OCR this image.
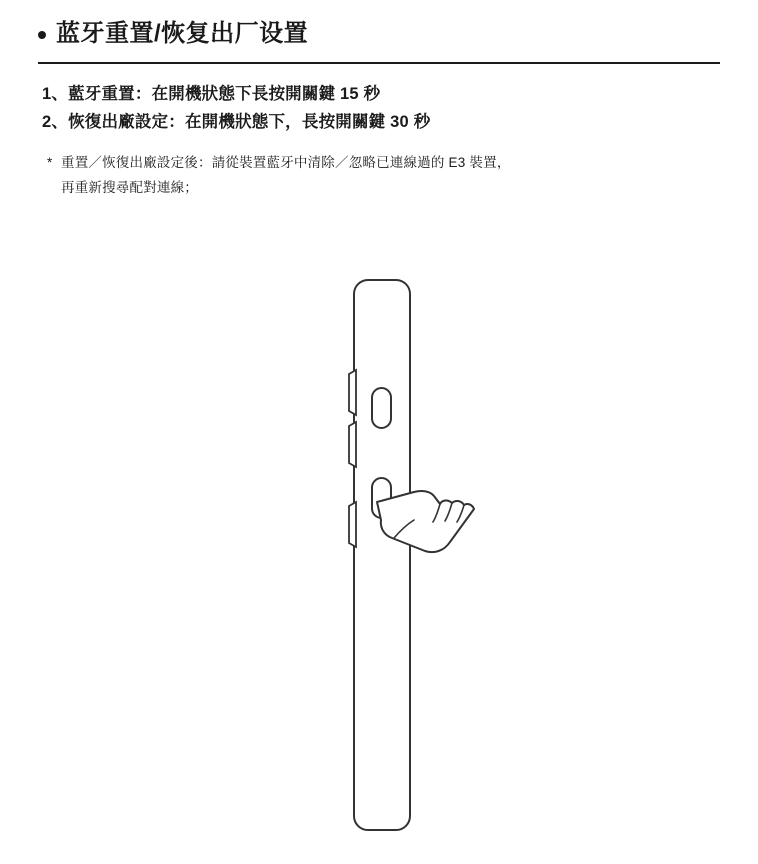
蓝牙重置/恢复出厂设置
1、藍牙重置：在開機狀態下長按開關鍵 15 秒
2、恢復出廠設定：在開機狀態下，長按開關鍵 30 秒
* 重置／恢復出廠設定後：請從裝置藍牙中清除／忽略已連線過的 E3 裝置，
再重新搜尋配對連線；
